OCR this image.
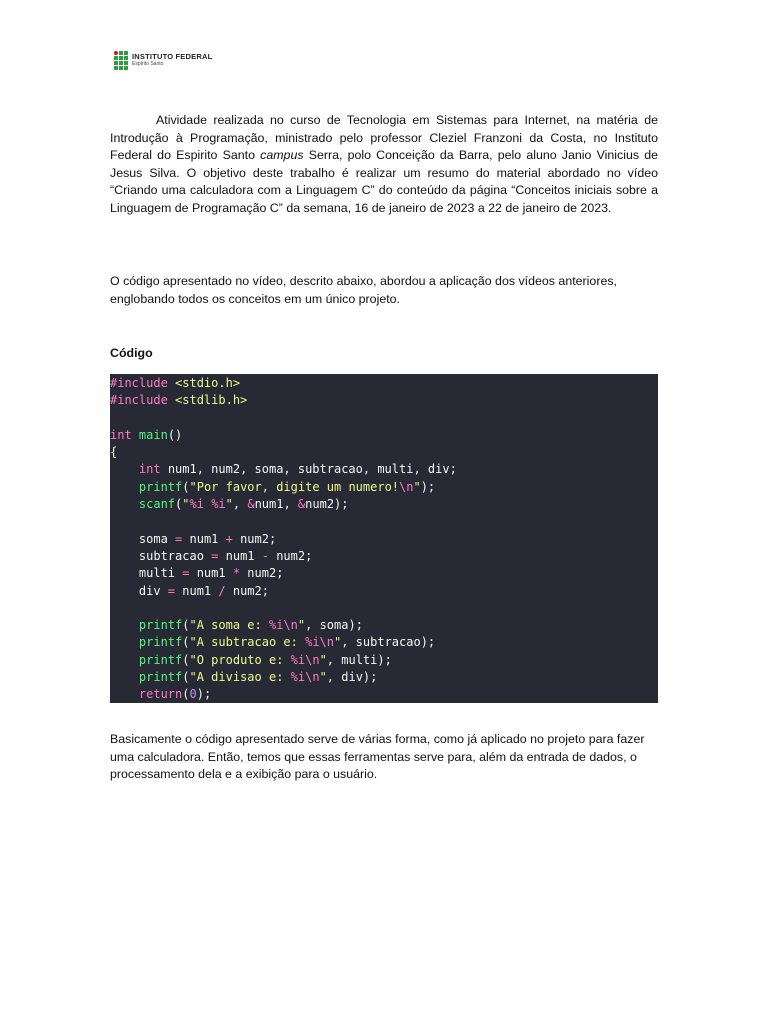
INSTITUTO FEDERAL
Espírito Santo

Atividade realizada no curso de Tecnologia em Sistemas para Internet, na matéria de Introdução à Programação, ministrado pelo professor Cleziel Franzoni da Costa, no Instituto Federal do Espirito Santo campus Serra, polo Conceição da Barra, pelo aluno Janio Vinicius de Jesus Silva. O objetivo deste trabalho é realizar um resumo do material abordado no vídeo “Criando uma calculadora com a Linguagem C” do conteúdo da página “Conceitos iniciais sobre a Linguagem de Programação C” da semana, 16 de janeiro de 2023 a 22 de janeiro de 2023.

O código apresentado no vídeo, descrito abaixo, abordou a aplicação dos vídeos anteriores, englobando todos os conceitos em um único projeto.

Código

#include <stdio.h>
#include <stdlib.h>

int main()
{
int num1, num2, soma, subtracao, multi, div;
printf("Por favor, digite um numero!\n");
scanf("%i %i", &num1, &num2);

soma = num1 + num2;
subtracao = num1 - num2;
multi = num1 * num2;
div = num1 / num2;

printf("A soma e: %i\n", soma);
printf("A subtracao e: %i\n", subtracao);
printf("O produto e: %i\n", multi);
printf("A divisao e: %i\n", div);
return(0);

Basicamente o código apresentado serve de várias forma, como já aplicado no projeto para fazer uma calculadora. Então, temos que essas ferramentas serve para, além da entrada de dados, o processamento dela e a exibição para o usuário.
